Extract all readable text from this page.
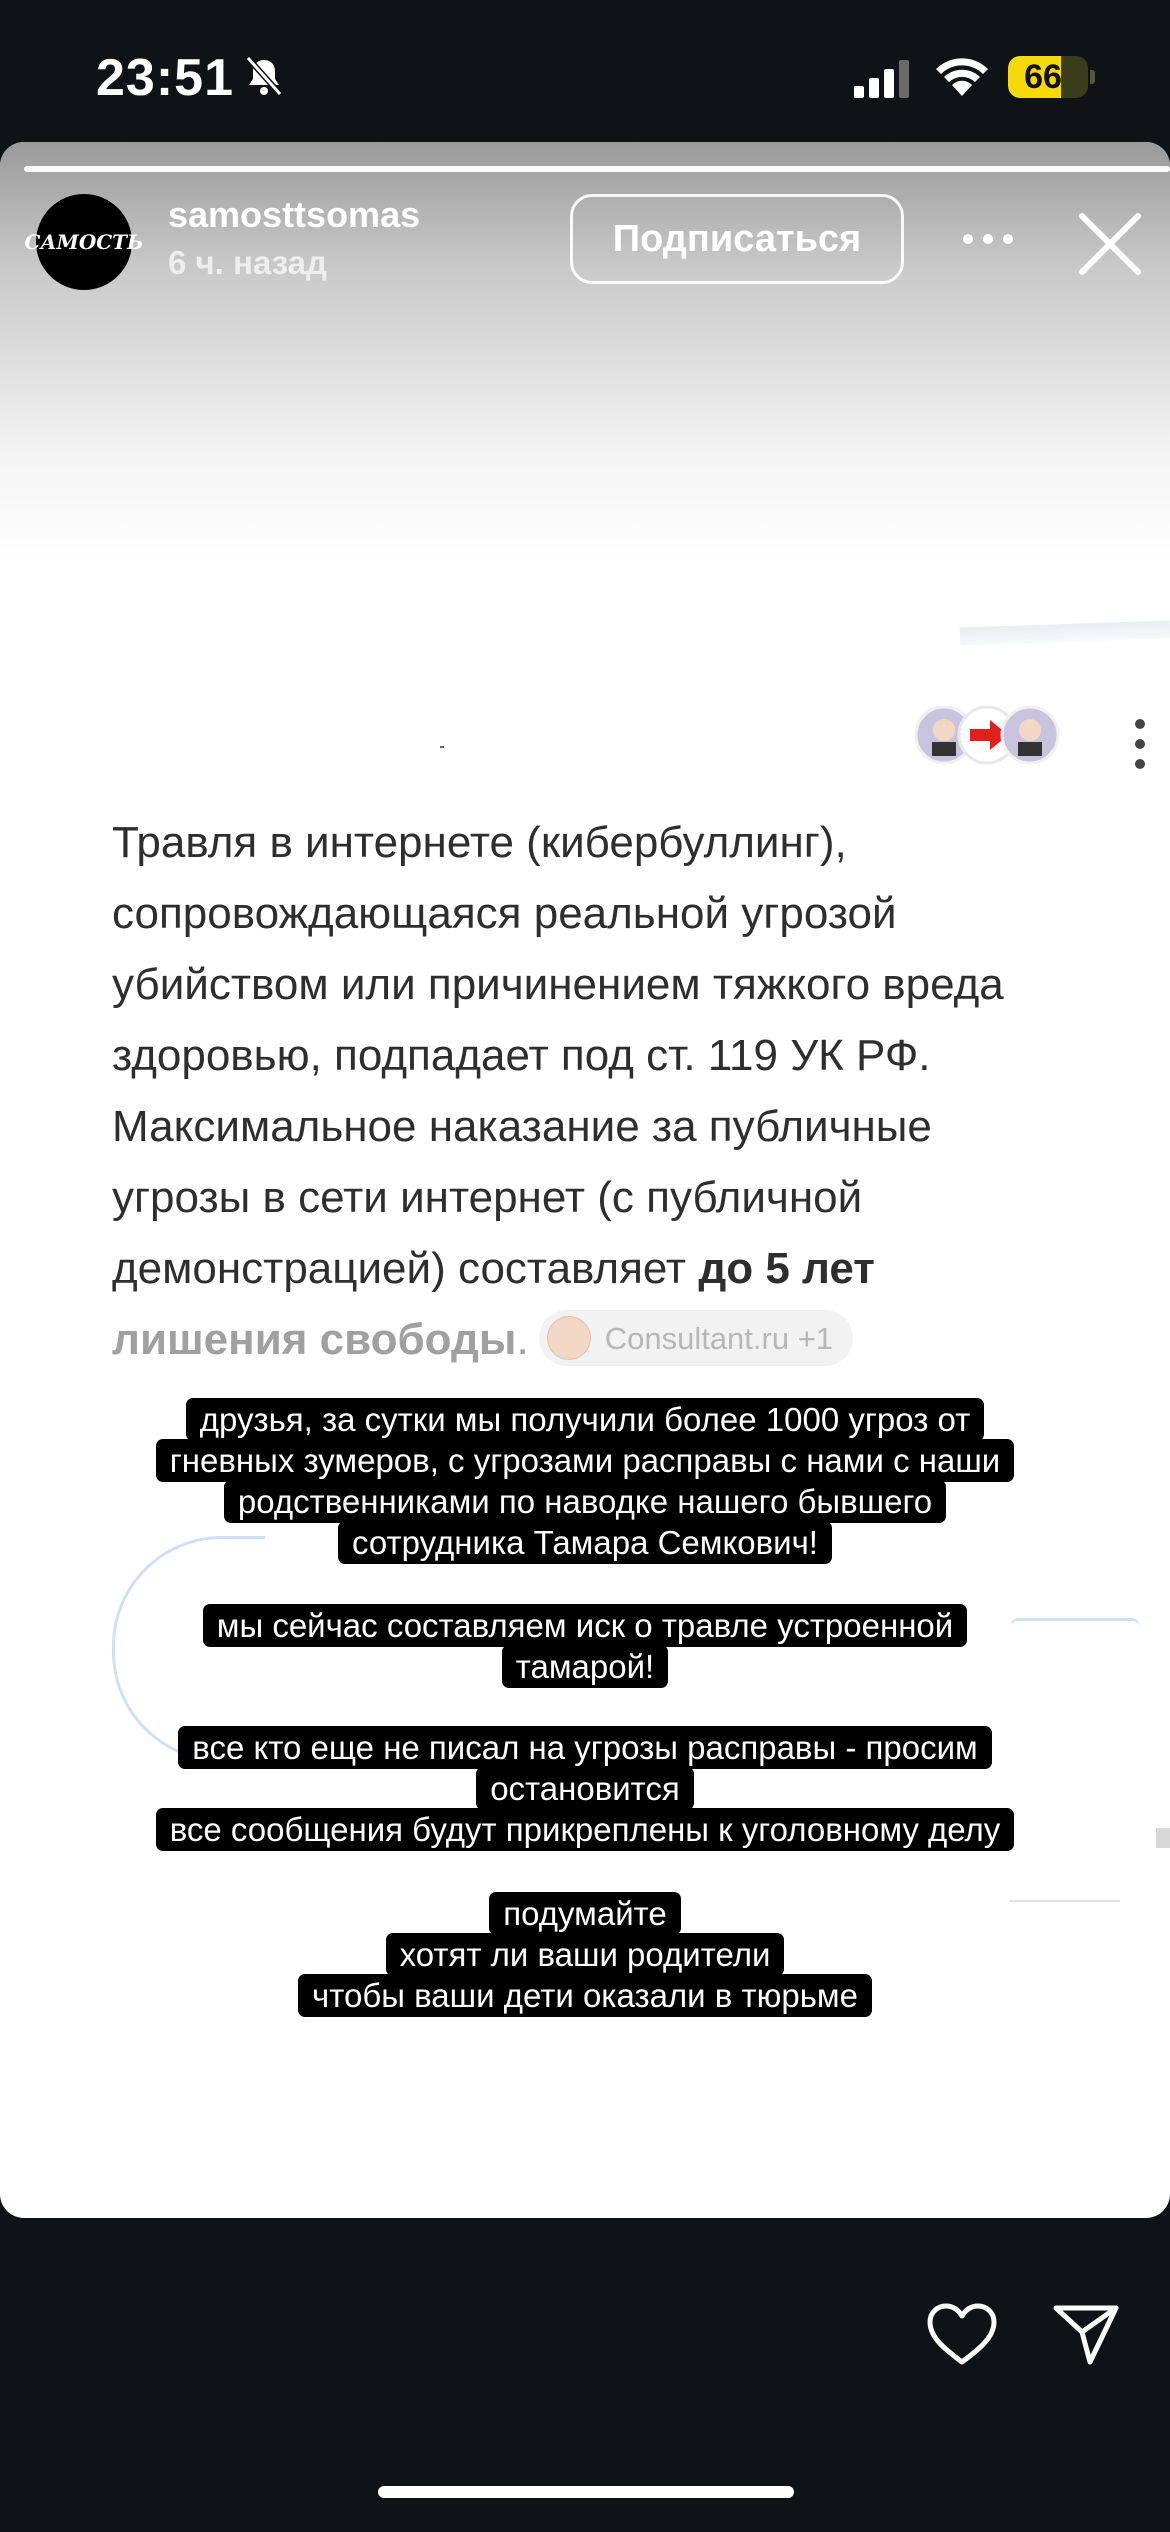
23:51	66
САМОСТЬ
samosttsomas
6 ч. назад
Подписаться
Травля в интернете (кибербуллинг),
сопровождающаяся реальной угрозой
убийством или причинением тяжкого вреда
здоровью, подпадает под ст. 119 УК РФ.
Максимальное наказание за публичные
угрозы в сети интернет (с публичной
демонстрацией) составляет до 5 лет
лишения свободы. Consultant.ru +1
друзья, за сутки мы получили более 1000 угроз от
гневных зумеров, с угрозами расправы с нами с наши
родственниками по наводке нашего бывшего
сотрудника Тамара Семкович!
мы сейчас составляем иск о травле устроенной
тамарой!
все кто еще не писал на угрозы расправы - просим
остановится
все сообщения будут прикреплены к уголовному делу
подумайте
хотят ли ваши родители
чтобы ваши дети оказали в тюрьме
